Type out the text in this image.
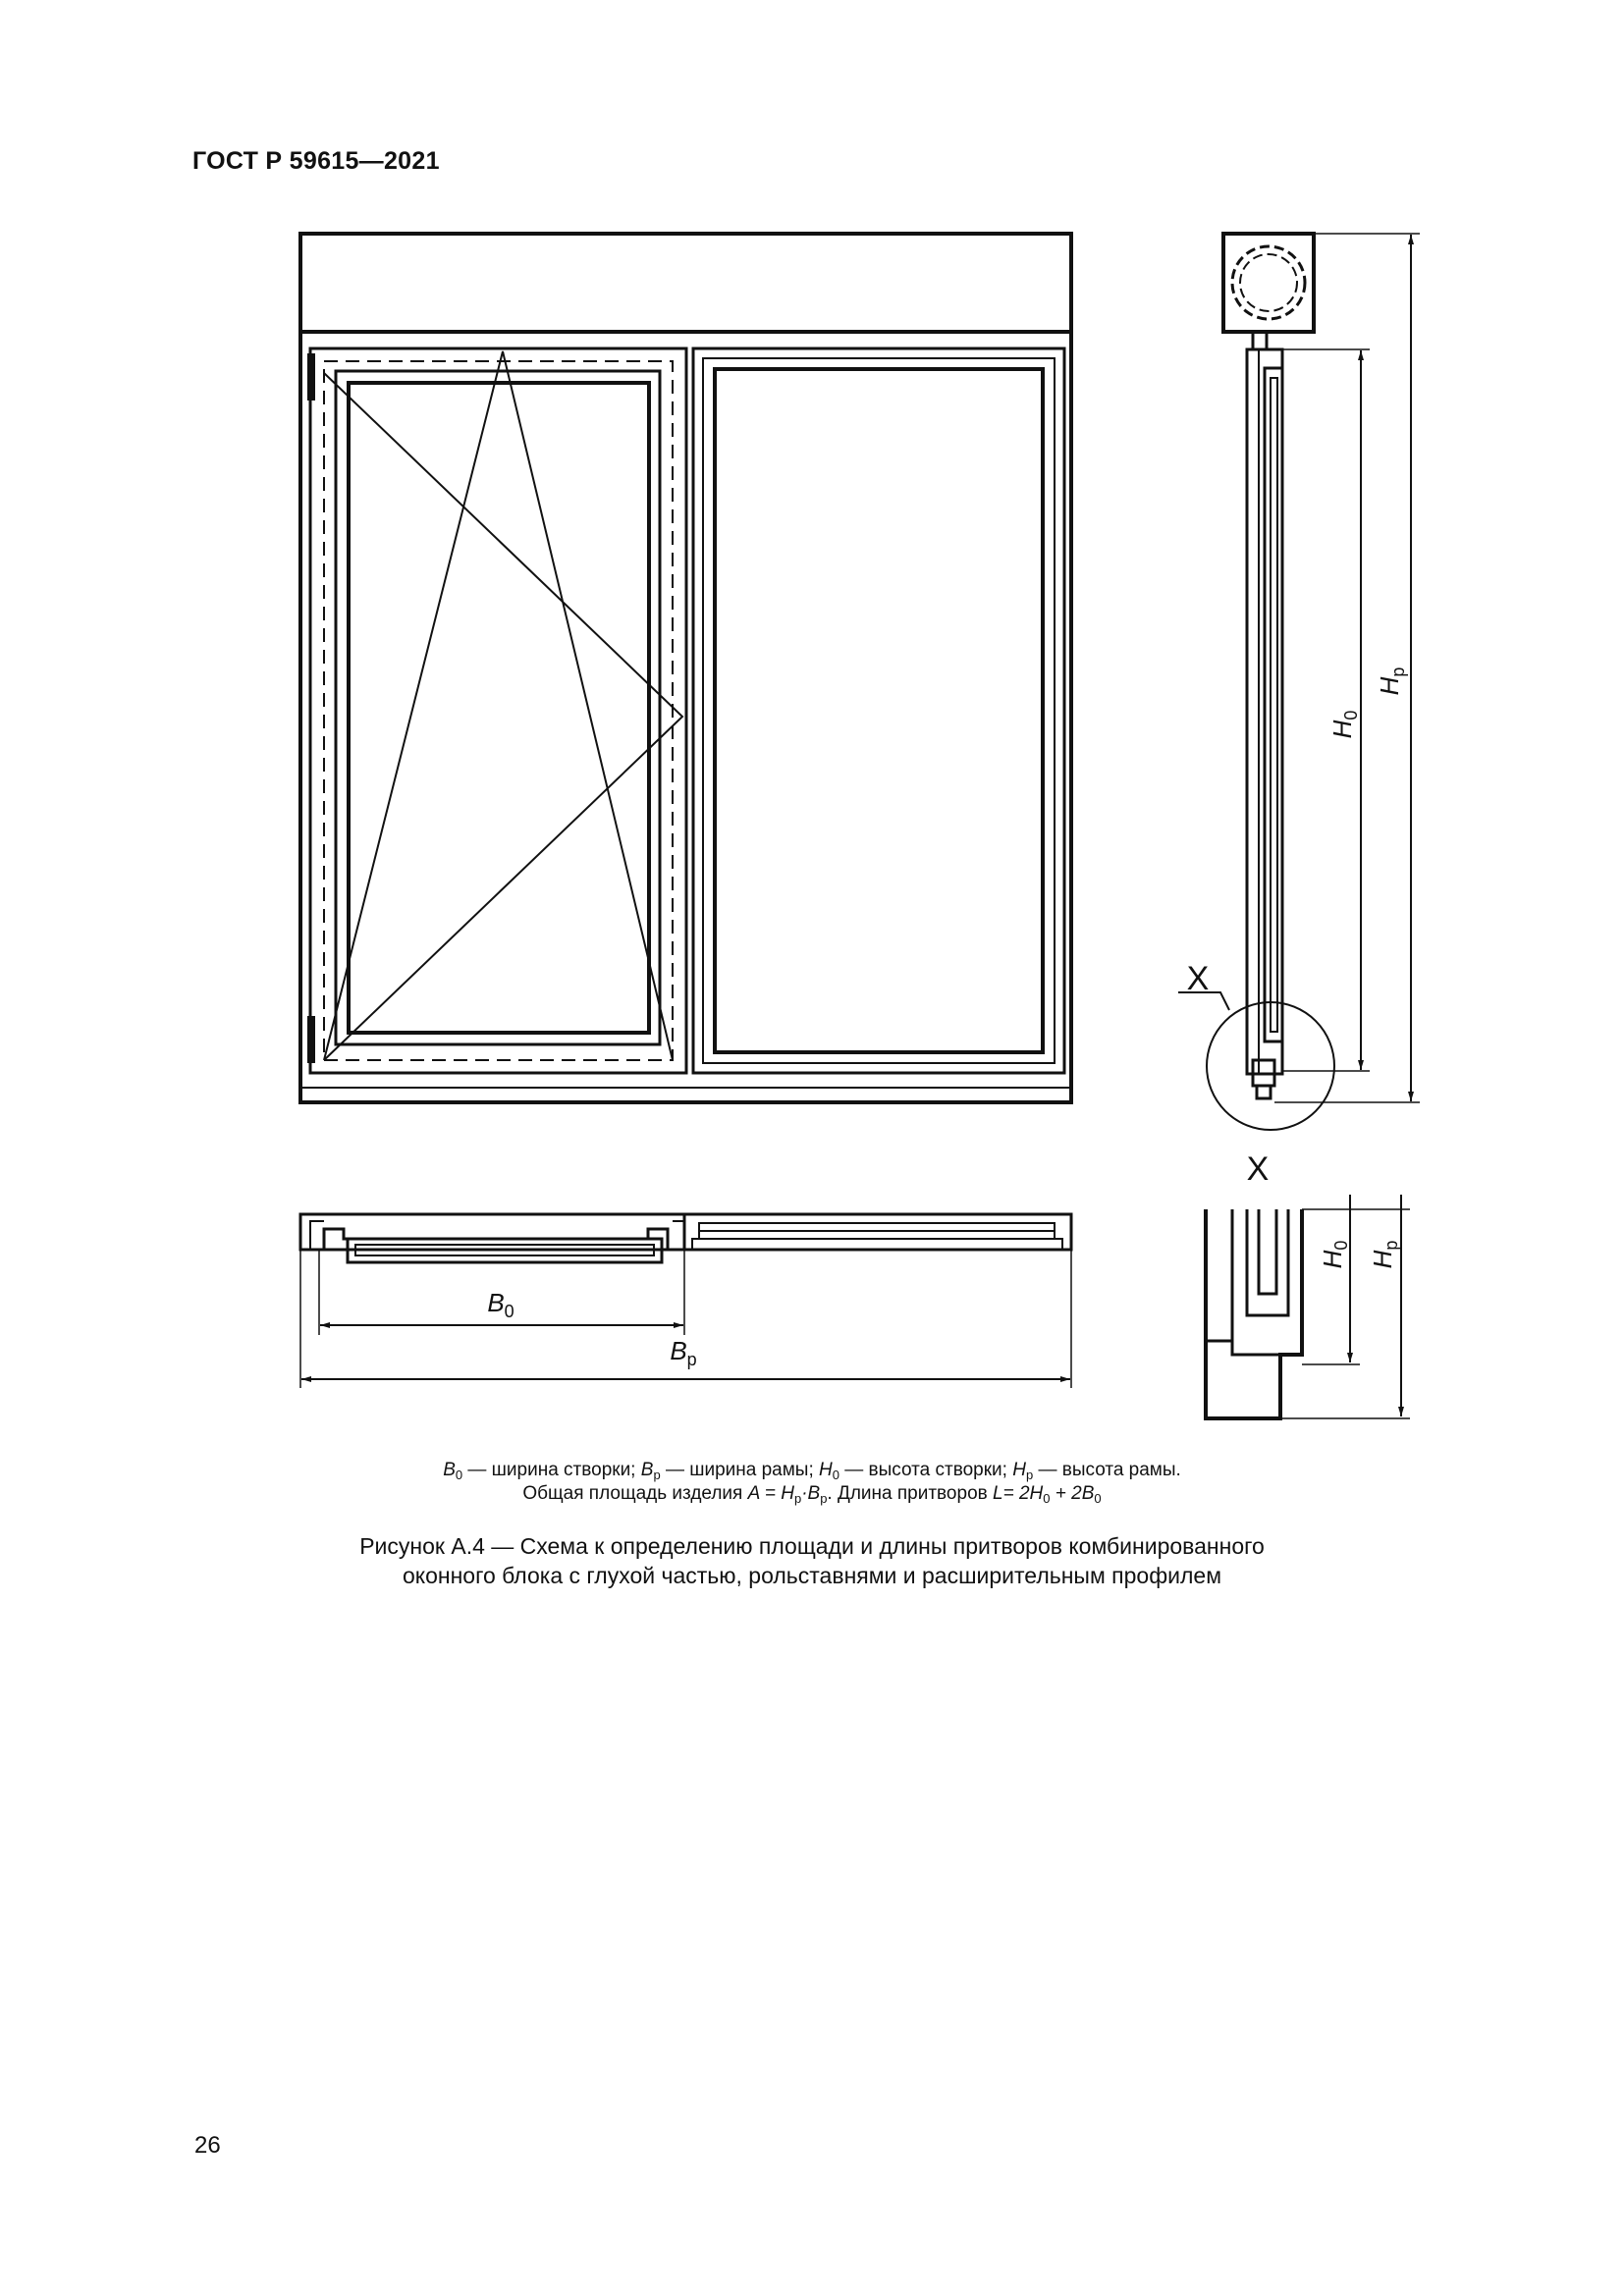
ГОСТ Р 59615—2021
$H_0$
$H_p$
X
$B_0$
$B_p$
X
$H_0$
$H_p$
$B_0$ — ширина створки; $B_p$ — ширина рамы; $H_0$ — высота створки; $H_p$ — высота рамы.
Общая площадь изделия $A = H_p\cdot B_p$. Длина притворов $L= 2H_0 + 2B_0$
Рисунок А.4 — Схема к определению площади и длины притворов комбинированного
оконного блока с глухой частью, рольставнями и расширительным профилем
26
